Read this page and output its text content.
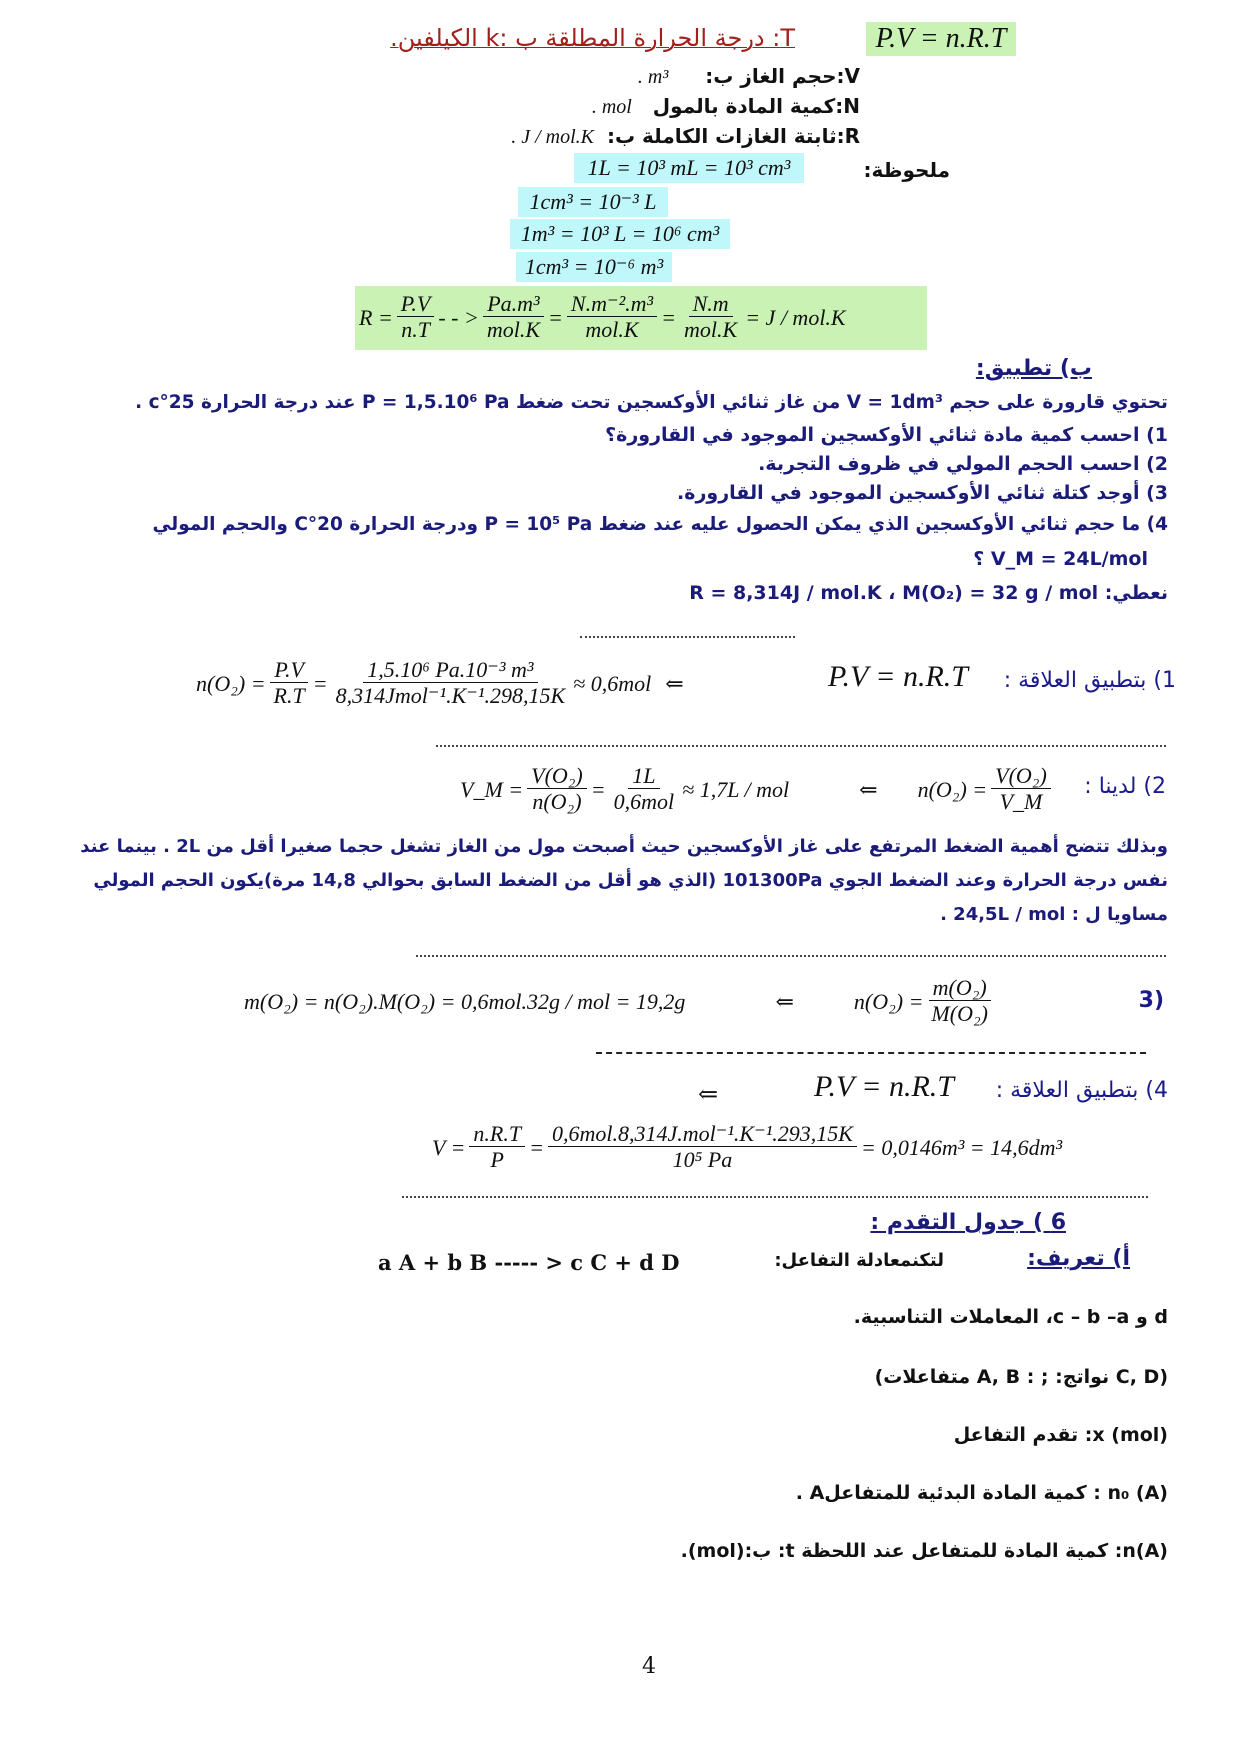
P.V = n.R.T
T: درجة الحرارة المطلقة ب :k الكيلفين.
V:حجم الغاز ب: m³ .
N:كمية المادة بالمول mol .
R:ثابتة الغازات الكاملة ب: J / mol.K .
ملحوظة:
1L = 10³ mL = 10³ cm³
1cm³ = 10⁻³ L
1m³ = 10³ L = 10⁶ cm³
1cm³ = 10⁻⁶ m³
$R = \frac{P.V}{n.T}$ - - > $\frac{\text{Pa.m³}}{\text{mol.K}} = \frac{\text{N.m⁻².m³}}{\text{mol.K}} = \frac{N.m}{\text{mol.K}} = J / mol.K$
ب) تطبيق:
تحتوي قارورة على حجم V = 1dm³ من غاز ثنائي الأوكسجين تحت ضغط P = 1,5.10⁶ Pa عند درجة الحرارة 25°c .
1) احسب كمية مادة ثنائي الأوكسجين الموجود في القارورة؟
2) احسب الحجم المولي في ظروف التجربة.
3) أوجد كتلة ثنائي الأوكسجين الموجود في القارورة.
4) ما حجم ثنائي الأوكسجين الذي يمكن الحصول عليه عند ضغط P = 10⁵ Pa ودرجة الحرارة 20°C والحجم المولي
V_M = 24L/mol ؟
نعطي: R = 8,314J / mol.K ، M(O₂) = 32 g / mol
1) بتطبيق العلاقة :
P.V = n.R.T
$n(O_2) = \frac{P.V}{R.T} = \frac{\text{1,5.10⁶ Pa.10⁻³ m³}}{\text{8,314Jmol⁻¹.K⁻¹.298,15K}} \approx 0,6mol$ ⇐
2) لدينا :
V_M = $\frac{\text{V(O₂)}}{\text{n(O₂)}} = \frac{1L}{\text{0,6mol}} \approx 1,7L$ / mol	⇐ $n(O_2) = \frac{\text{V(O₂)}}{V\_M}$
وبذلك تتضح أهمية الضغط المرتفع على غاز الأوكسجين حيث أصبحت مول من الغاز تشغل حجما صغيرا أقل من 2L . بينما عند
نفس درجة الحرارة وعند الضغط الجوي 101300Pa (الذي هو أقل من الضغط السابق بحوالي 14,8 مرة)يكون الحجم المولي
مساويا ل : 24,5L / mol .
(3
m(O₂) = n(O₂).M(O₂) = 0,6mol.32g / mol = 19,2g	⇐	$n(O_2) = \frac{\text{m(O₂)}}{\text{M(O₂)}}$
4) بتطبيق العلاقة :
P.V = n.R.T
⇐
$V = \frac{n.R.T}{P} = \frac{\text{0,6mol.8,314J.mol⁻¹.K⁻¹.293,15K}}{\text{10⁵ Pa}} = 0,0146m^3 = 14,6dm^3$
6 ) جدول التقدم :
أ) تعريف:
لتكنمعادلة التفاعل:
a A + b B ----- > c C + d D
d و c – b –a، المعاملات التناسبية.
(C, D نواتج: ; : A, B متفاعلات)
x (mol): تقدم التفاعل
n₀ (A) : كمية المادة البدئية للمتفاعلA .
n(A): كمية المادة للمتفاعل عند اللحظة t: ب:(mol).
4
